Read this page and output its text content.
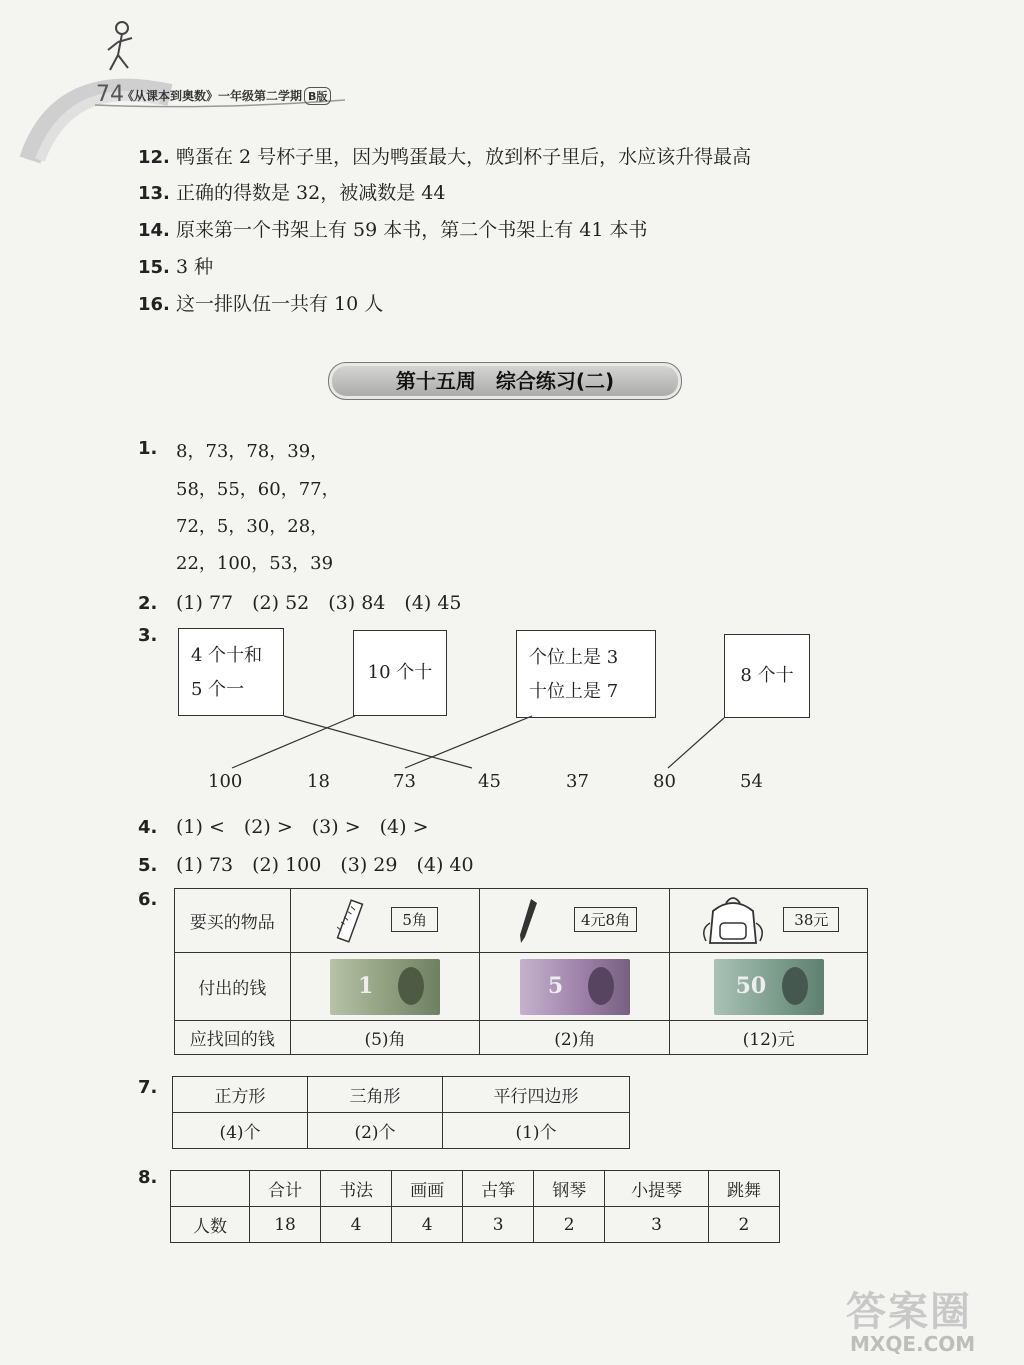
74
《从课本到奥数》一年级第二学期 B版
12. 鸭蛋在 2 号杯子里，因为鸭蛋最大，放到杯子里后，水应该升得最高
13. 正确的得数是 32，被减数是 44
14. 原来第一个书架上有 59 本书，第二个书架上有 41 本书
15. 3 种
16. 这一排队伍一共有 10 人
第十五周　综合练习(二)
1.	8，73，78，39，
58，55，60，77，
72，5，30，28，
22，100，53，39
2. (1) 77　(2) 52　(3) 84　(4) 45
3.
4 个十和
5 个一
10 个十
个位上是 3
十位上是 7
8 个十
100	18	73	45	37	80	54
4. (1) <　(2) >　(3) >　(4) >
5. (1) 73　(2) 100　(3) 29　(4) 40
6.
要买的物品	5角	4元8角	38元
付出的钱	1	5	50

应找回的钱	(5)角	(2)角	(12)元
7.	正方形	三角形	平行四边形
(4)个	(2)个	(1)个
8.
	合计	书法	画画	古筝	钢琴	小提琴	跳舞
人数	18	4	4	3	2	3	2
答案圈
MXQE.COM
